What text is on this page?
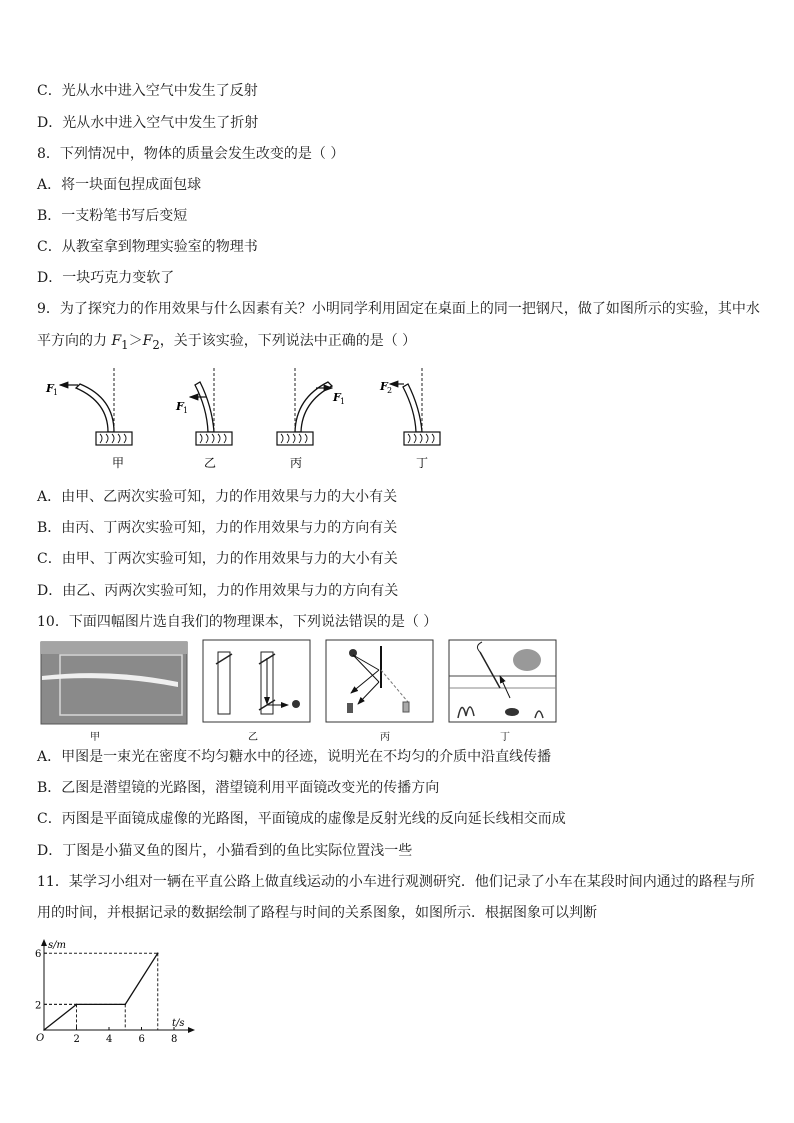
C．光从水中进入空气中发生了反射
D．光从水中进入空气中发生了折射
8．下列情况中，物体的质量会发生改变的是（ ）
A．将一块面包捏成面包球
B．一支粉笔书写后变短
C．从教室拿到物理实验室的物理书
D．一块巧克力变软了
9．为了探究力的作用效果与什么因素有关？小明同学利用固定在桌面上的同一把钢尺，做了如图所示的实验，其中水
平方向的力 $F_1>F_2$，关于该实验，下列说法中正确的是（ ）
F 1
甲
F 1
乙
F 1
丙
F 2
丁
A．由甲、乙两次实验可知，力的作用效果与力的大小有关
B．由丙、丁两次实验可知，力的作用效果与力的方向有关
C．由甲、丁两次实验可知，力的作用效果与力的大小有关
D．由乙、丙两次实验可知，力的作用效果与力的方向有关
10．下面四幅图片选自我们的物理课本，下列说法错误的是（ ）
甲	乙	丙	丁
A．甲图是一束光在密度不均匀糖水中的径迹，说明光在不均匀的介质中沿直线传播
B．乙图是潜望镜的光路图，潜望镜利用平面镜改变光的传播方向
C．丙图是平面镜成虚像的光路图，平面镜成的虚像是反射光线的反向延长线相交而成
D．丁图是小猫叉鱼的图片，小猫看到的鱼比实际位置浅一些
11．某学习小组对一辆在平直公路上做直线运动的小车进行观测研究．他们记录了小车在某段时间内通过的路程与所
用的时间，并根据记录的数据绘制了路程与时间的关系图象，如图所示．根据图象可以判断
s/m
t/s
O	2	4	6	8
2
6
